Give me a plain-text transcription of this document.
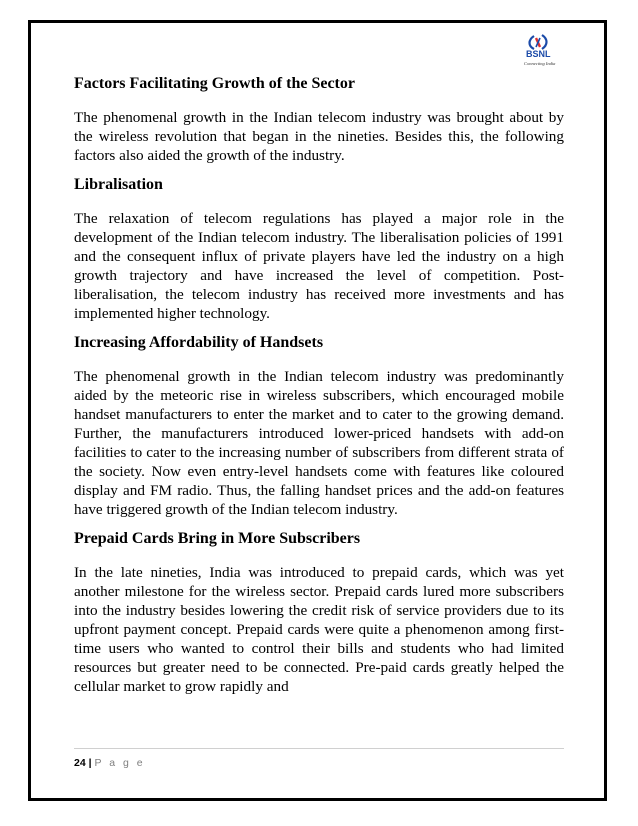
BSNL
Connecting India
Factors Facilitating Growth of the Sector

The phenomenal growth in the Indian telecom industry was brought about by the wireless revolution that began in the nineties. Besides this, the following factors also aided the growth of the industry.

Libralisation

The relaxation of telecom regulations has played a major role in the development of the Indian telecom industry. The liberalisation policies of 1991 and the consequent influx of private players have led the industry on a high growth trajectory and have increased the level of competition. Post-liberalisation, the telecom industry has received more investments and has implemented higher technology.

Increasing Affordability of Handsets

The phenomenal growth in the Indian telecom industry was predominantly aided by the meteoric rise in wireless subscribers, which encouraged mobile handset manufacturers to enter the market and to cater to the growing demand. Further, the manufacturers introduced lower-priced handsets with add-on facilities to cater to the increasing number of subscribers from different strata of the society. Now even entry-level handsets come with features like coloured display and FM radio. Thus, the falling handset prices and the add-on features have triggered growth of the Indian telecom industry.

Prepaid Cards Bring in More Subscribers

In the late nineties, India was introduced to prepaid cards, which was yet another milestone for the wireless sector. Prepaid cards lured more subscribers into the industry besides lowering the credit risk of service providers due to its upfront payment concept. Prepaid cards were quite a phenomenon among first-time users who wanted to control their bills and students who had limited resources but greater need to be connected. Pre-paid cards greatly helped the cellular market to grow rapidly and

24 | P a g e
